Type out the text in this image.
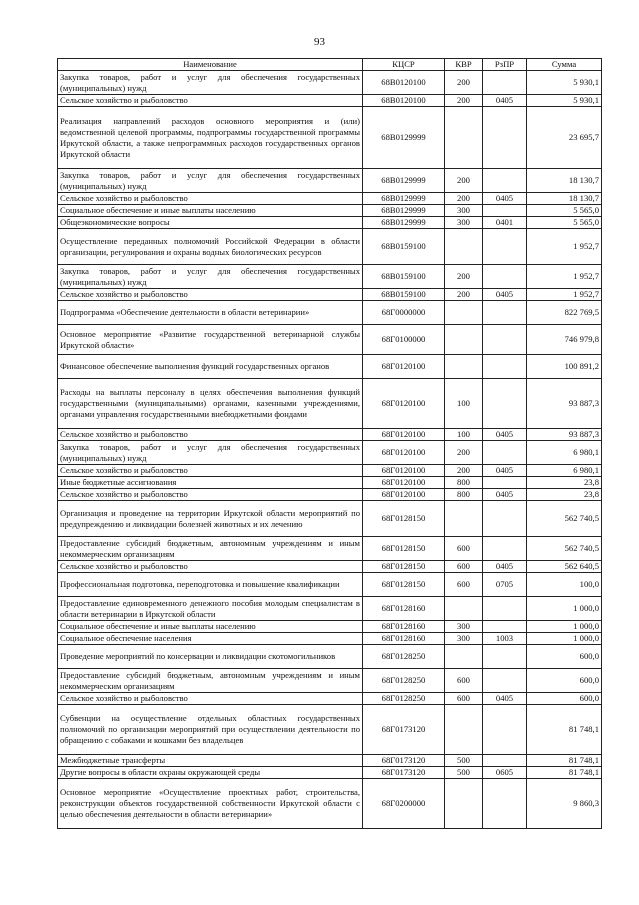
93
Наименование	КЦСР	КВР	РзПР	Сумма
Закупка товаров, работ и услуг для обеспечения государственных (муниципальных) нужд	68В0120100	200		5 930,1
Сельское хозяйство и рыболовство	68В0120100	200	0405	5 930,1
Реализация направлений расходов основного мероприятия и (или) ведомственной целевой программы, подпрограммы государственной программы Иркутской области, а также непрограммных расходов государственных органов Иркутской области	68В0129999			23 695,7
Закупка товаров, работ и услуг для обеспечения государственных (муниципальных) нужд	68В0129999	200		18 130,7
Сельское хозяйство и рыболовство	68В0129999	200	0405	18 130,7
Социальное обеспечение и иные выплаты населению	68В0129999	300		5 565,0
Общеэкономические вопросы	68В0129999	300	0401	5 565,0
Осуществление переданных полномочий Российской Федерации в области организации, регулирования и охраны водных биологических ресурсов	68В0159100			1 952,7
Закупка товаров, работ и услуг для обеспечения государственных (муниципальных) нужд	68В0159100	200		1 952,7
Сельское хозяйство и рыболовство	68В0159100	200	0405	1 952,7
Подпрограмма «Обеспечение деятельности в области ветеринарии»	68Г0000000			822 769,5
Основное мероприятие «Развитие государственной ветеринарной службы Иркутской области»	68Г0100000			746 979,8
Финансовое обеспечение выполнения функций государственных органов	68Г0120100			100 891,2
Расходы на выплаты персоналу в целях обеспечения выполнения функций государственными (муниципальными) органами, казенными учреждениями, органами управления государственными внебюджетными фондами	68Г0120100	100		93 887,3
Сельское хозяйство и рыболовство	68Г0120100	100	0405	93 887,3
Закупка товаров, работ и услуг для обеспечения государственных (муниципальных) нужд	68Г0120100	200		6 980,1
Сельское хозяйство и рыболовство	68Г0120100	200	0405	6 980,1
Иные бюджетные ассигнования	68Г0120100	800		23,8
Сельское хозяйство и рыболовство	68Г0120100	800	0405	23,8
Организация и проведение на территории Иркутской области мероприятий по предупреждению и ликвидации болезней животных и их лечению	68Г0128150			562 740,5
Предоставление субсидий бюджетным, автономным учреждениям и иным некоммерческим организациям	68Г0128150	600		562 740,5
Сельское хозяйство и рыболовство	68Г0128150	600	0405	562 640,5
Профессиональная подготовка, переподготовка и повышение квалификации	68Г0128150	600	0705	100,0
Предоставление единовременного денежного пособия молодым специалистам в области ветеринарии в Иркутской области	68Г0128160			1 000,0
Социальное обеспечение и иные выплаты населению	68Г0128160	300		1 000,0
Социальное обеспечение населения	68Г0128160	300	1003	1 000,0
Проведение мероприятий по консервации и ликвидации скотомогильников	68Г0128250			600,0
Предоставление субсидий бюджетным, автономным учреждениям и иным некоммерческим организациям	68Г0128250	600		600,0
Сельское хозяйство и рыболовство	68Г0128250	600	0405	600,0
Субвенции на осуществление отдельных областных государственных полномочий по организации мероприятий при осуществлении деятельности по обращению с собаками и кошками без владельцев	68Г0173120			81 748,1
Межбюджетные трансферты	68Г0173120	500		81 748,1
Другие вопросы в области охраны окружающей среды	68Г0173120	500	0605	81 748,1
Основное мероприятие «Осуществление проектных работ, строительства, реконструкции объектов государственной собственности Иркутской области с целью обеспечения деятельности в области ветеринарии»	68Г0200000			9 860,3
